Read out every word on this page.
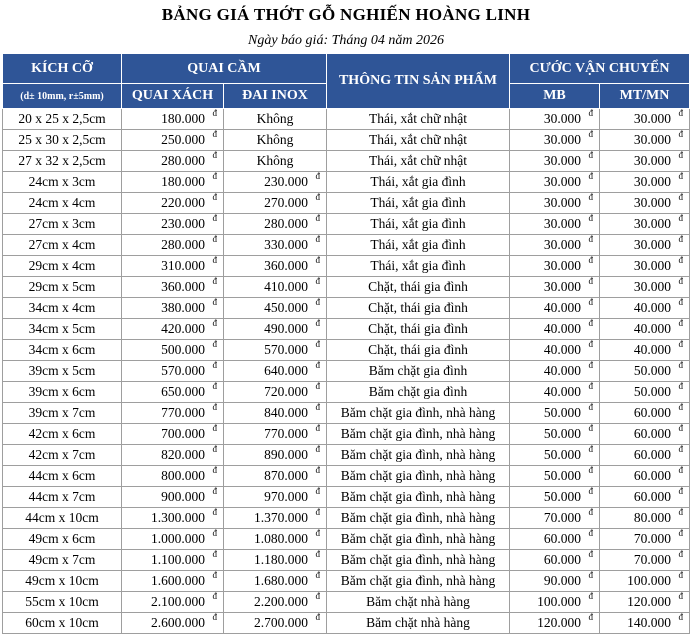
BẢNG GIÁ THỚT GỖ NGHIẾN HOÀNG LINH
Ngày báo giá: Tháng 04 năm 2026
KÍCH CỠ	QUAI CẦM		THÔNG TIN SẢN PHẨM	CƯỚC VẬN CHUYỂN	
(d± 10mm, r±5mm)	QUAI XÁCH	ĐAI INOX		MB	MT/MN
20 x 25 x 2,5cm	180.000 đ	Không	Thái, xắt chữ nhật	30.000 đ	30.000 đ

25 x 30 x 2,5cm	250.000 đ	Không	Thái, xắt chữ nhật	30.000 đ	30.000 đ

27 x 32 x 2,5cm	280.000 đ	Không	Thái, xắt chữ nhật	30.000 đ	30.000 đ

24cm x 3cm	180.000 đ	230.000 đ	Thái, xắt gia đình	30.000 đ	30.000 đ

24cm x 4cm	220.000 đ	270.000 đ	Thái, xắt gia đình	30.000 đ	30.000 đ

27cm x 3cm	230.000 đ	280.000 đ	Thái, xắt gia đình	30.000 đ	30.000 đ

27cm x 4cm	280.000 đ	330.000 đ	Thái, xắt gia đình	30.000 đ	30.000 đ

29cm x 4cm	310.000 đ	360.000 đ	Thái, xắt gia đình	30.000 đ	30.000 đ

29cm x 5cm	360.000 đ	410.000 đ	Chặt, thái gia đình	30.000 đ	30.000 đ

34cm x 4cm	380.000 đ	450.000 đ	Chặt, thái gia đình	40.000 đ	40.000 đ

34cm x 5cm	420.000 đ	490.000 đ	Chặt, thái gia đình	40.000 đ	40.000 đ

34cm x 6cm	500.000 đ	570.000 đ	Chặt, thái gia đình	40.000 đ	40.000 đ

39cm x 5cm	570.000 đ	640.000 đ	Băm chặt gia đình	40.000 đ	50.000 đ

39cm x 6cm	650.000 đ	720.000 đ	Băm chặt gia đình	40.000 đ	50.000 đ

39cm x 7cm	770.000 đ	840.000 đ	Băm chặt gia đình, nhà hàng	50.000 đ	60.000 đ

42cm x 6cm	700.000 đ	770.000 đ	Băm chặt gia đình, nhà hàng	50.000 đ	60.000 đ

42cm x 7cm	820.000 đ	890.000 đ	Băm chặt gia đình, nhà hàng	50.000 đ	60.000 đ

44cm x 6cm	800.000 đ	870.000 đ	Băm chặt gia đình, nhà hàng	50.000 đ	60.000 đ

44cm x 7cm	900.000 đ	970.000 đ	Băm chặt gia đình, nhà hàng	50.000 đ	60.000 đ

44cm x 10cm	1.300.000 đ	1.370.000 đ	Băm chặt gia đình, nhà hàng	70.000 đ	80.000 đ

49cm x 6cm	1.000.000 đ	1.080.000 đ	Băm chặt gia đình, nhà hàng	60.000 đ	70.000 đ

49cm x 7cm	1.100.000 đ	1.180.000 đ	Băm chặt gia đình, nhà hàng	60.000 đ	70.000 đ

49cm x 10cm	1.600.000 đ	1.680.000 đ	Băm chặt gia đình, nhà hàng	90.000 đ	100.000 đ

55cm x 10cm	2.100.000 đ	2.200.000 đ	Băm chặt nhà hàng	100.000 đ	120.000 đ

60cm x 10cm	2.600.000 đ	2.700.000 đ	Băm chặt nhà hàng	120.000 đ	140.000 đ
